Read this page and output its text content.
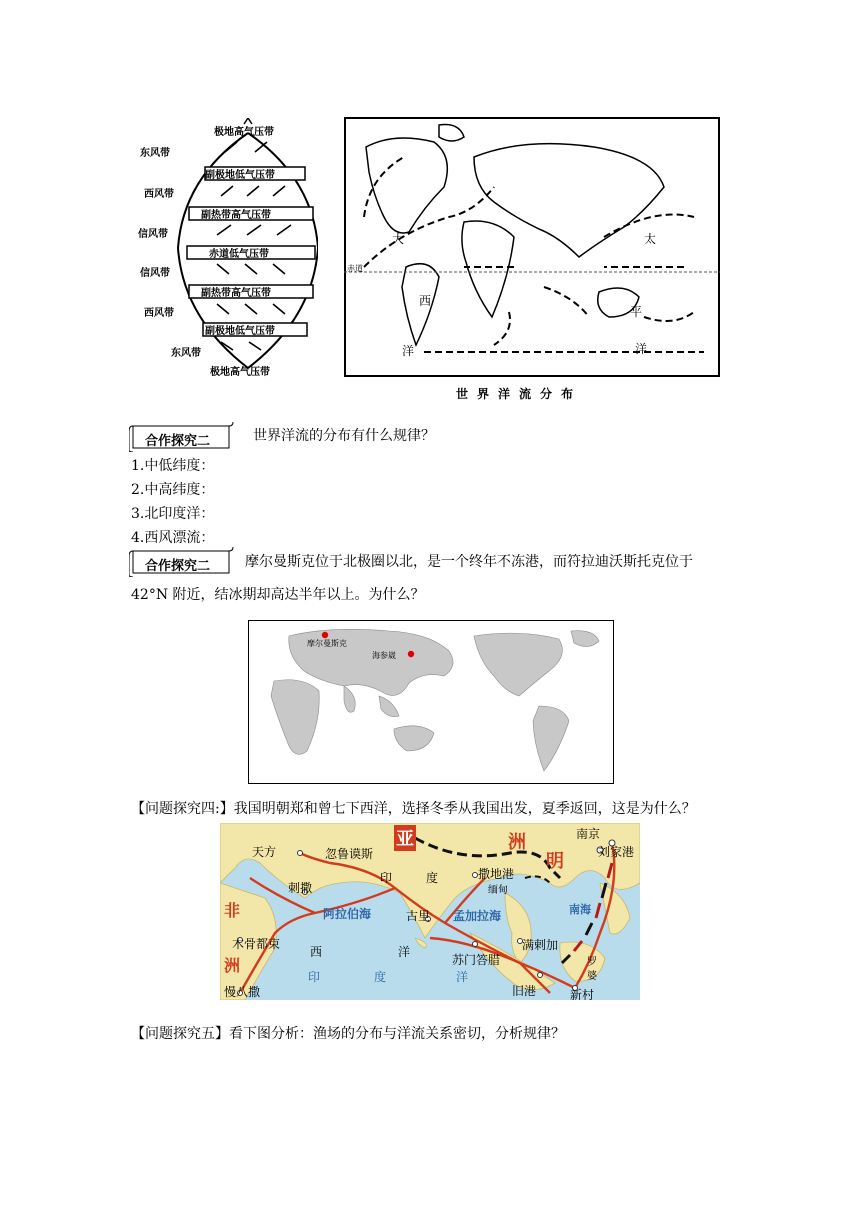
极地高气压带
副极地低气压带
副热带高气压带
赤道低气压带
副热带高气压带
副极地低气压带
极地高气压带
东风带
西风带
信风带
信风带
西风带
东风带
大
西
洋
太
平
洋
赤道
世界洋流分布
合作探究二	世界洋流的分布有什么规律？
1.中低纬度：
2.中高纬度：
3.北印度洋：
4.西风漂流：
合作探究二 摩尔曼斯克位于北极圈以北，是一个终年不冻港，而符拉迪沃斯托克位于
42°N 附近，结冰期却高达半年以上。为什么？
摩尔曼斯克
海参崴
【问题探究四:】我国明朝郑和曾七下西洋，选择冬季从我国出发，夏季返回，这是为什么？
亚	洲
明
非
洲
南京
刘家港
天方	忽鲁谟斯
刺撒
阿拉伯海
印	度	撒地港
缅甸
孟加拉海
古里	南海
木骨都束
西	洋
苏门答腊
满剌加
印	度	洋
慢八撒	旧港	新村
罗
婆
【问题探究五】看下图分析：渔场的分布与洋流关系密切，分析规律？
